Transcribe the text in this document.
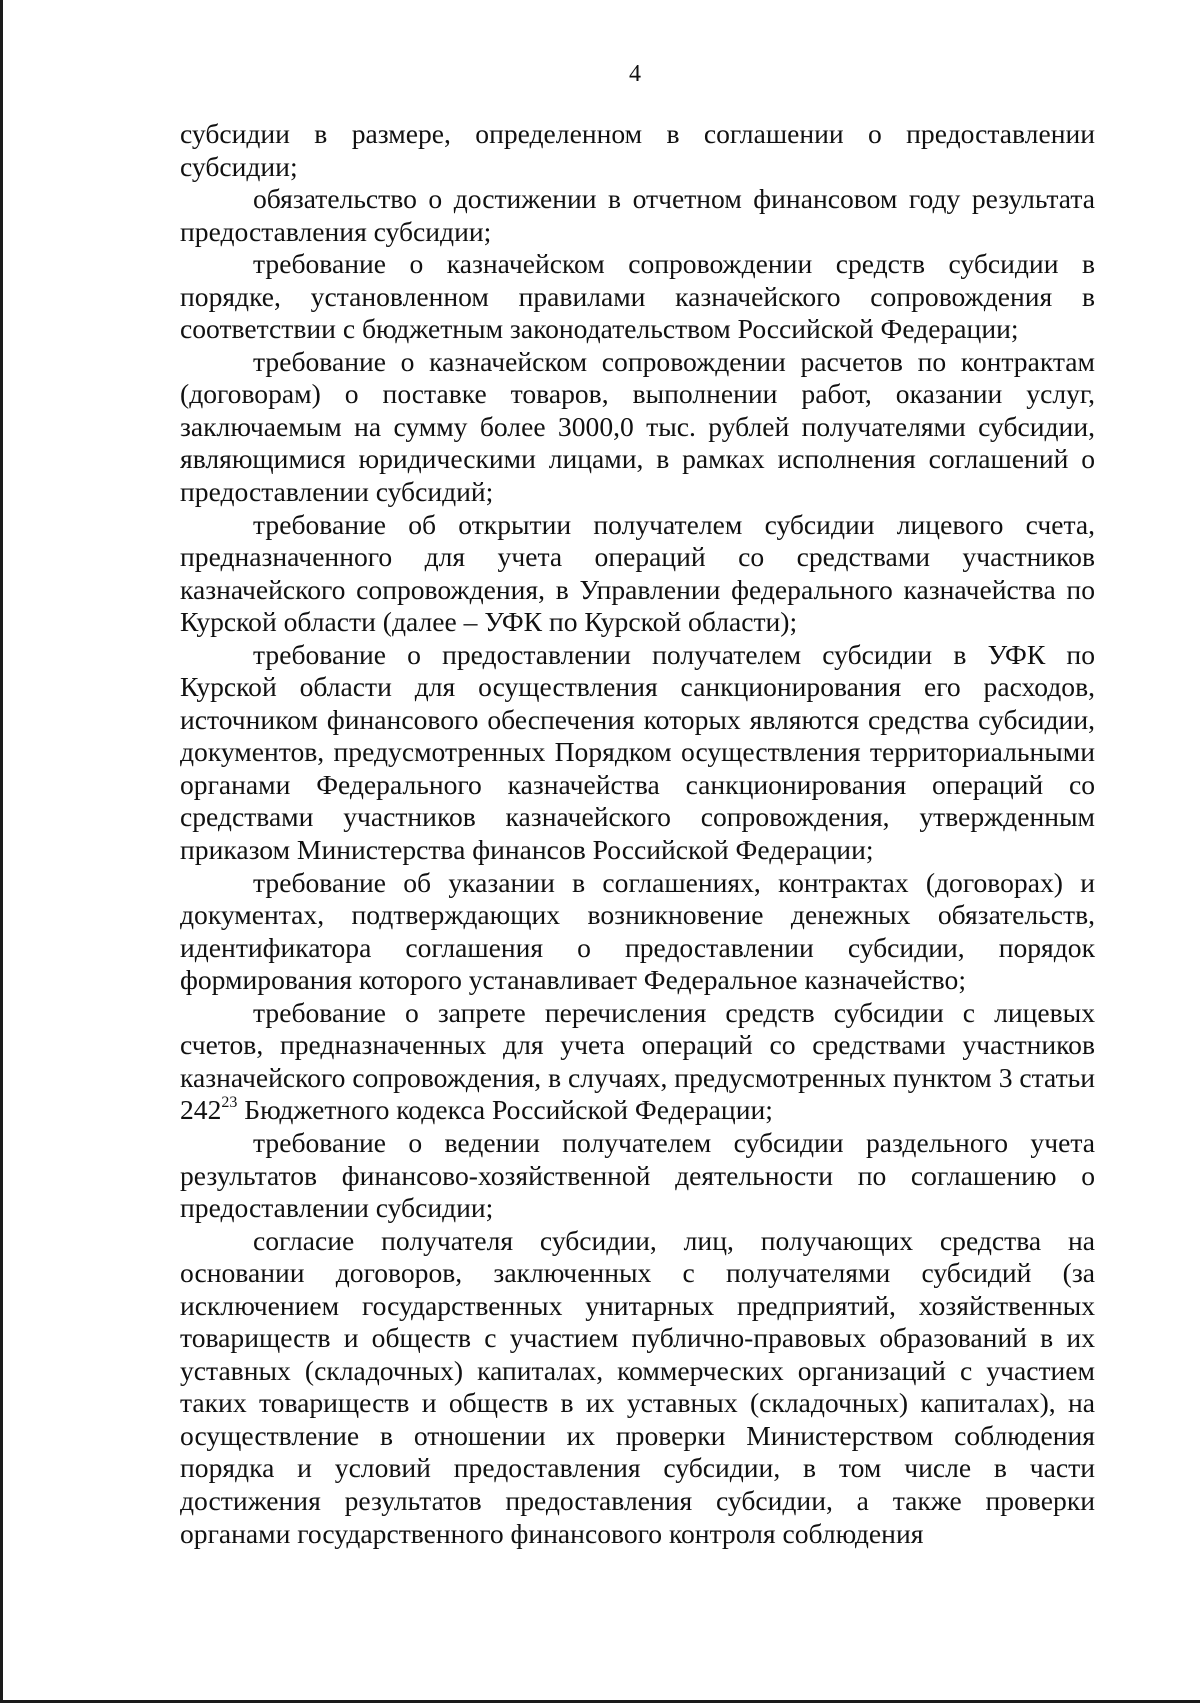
4

субсидии в размере, определенном в соглашении о предоставлении субсидии;

обязательство о достижении в отчетном финансовом году результата предоставления субсидии;

требование о казначейском сопровождении средств субсидии в порядке, установленном правилами казначейского сопровождения в соответствии с бюджетным законодательством Российской Федерации;

требование о казначейском сопровождении расчетов по контрактам (договорам) о поставке товаров, выполнении работ, оказании услуг, заключаемым на сумму более 3000,0 тыс. рублей получателями субсидии, являющимися юридическими лицами, в рамках исполнения соглашений о предоставлении субсидий;

требование об открытии получателем субсидии лицевого счета, предназначенного для учета операций со средствами участников казначейского сопровождения, в Управлении федерального казначейства по Курской области (далее – УФК по Курской области);

требование о предоставлении получателем субсидии в УФК по Курской области для осуществления санкционирования его расходов, источником финансового обеспечения которых являются средства субсидии, документов, предусмотренных Порядком осуществления территориальными органами Федерального казначейства санкционирования операций со средствами участников казначейского сопровождения, утвержденным приказом Министерства финансов Российской Федерации;

требование об указании в соглашениях, контрактах (договорах) и документах, подтверждающих возникновение денежных обязательств, идентификатора соглашения о предоставлении субсидии, порядок формирования которого устанавливает Федеральное казначейство;

требование о запрете перечисления средств субсидии с лицевых счетов, предназначенных для учета операций со средствами участников казначейского сопровождения, в случаях, предусмотренных пунктом 3 статьи $242^{23}$ Бюджетного кодекса Российской Федерации;

требование о ведении получателем субсидии раздельного учета результатов финансово-хозяйственной деятельности по соглашению о предоставлении субсидии;

согласие получателя субсидии, лиц, получающих средства на основании договоров, заключенных с получателями субсидий (за исключением государственных унитарных предприятий, хозяйственных товариществ и обществ с участием публично-правовых образований в их уставных (складочных) капиталах, коммерческих организаций с участием таких товариществ и обществ в их уставных (складочных) капиталах), на осуществление в отношении их проверки Министерством соблюдения порядка и условий предоставления субсидии, в том числе в части достижения результатов предоставления субсидии, а также проверки органами государственного финансового контроля соблюдения
